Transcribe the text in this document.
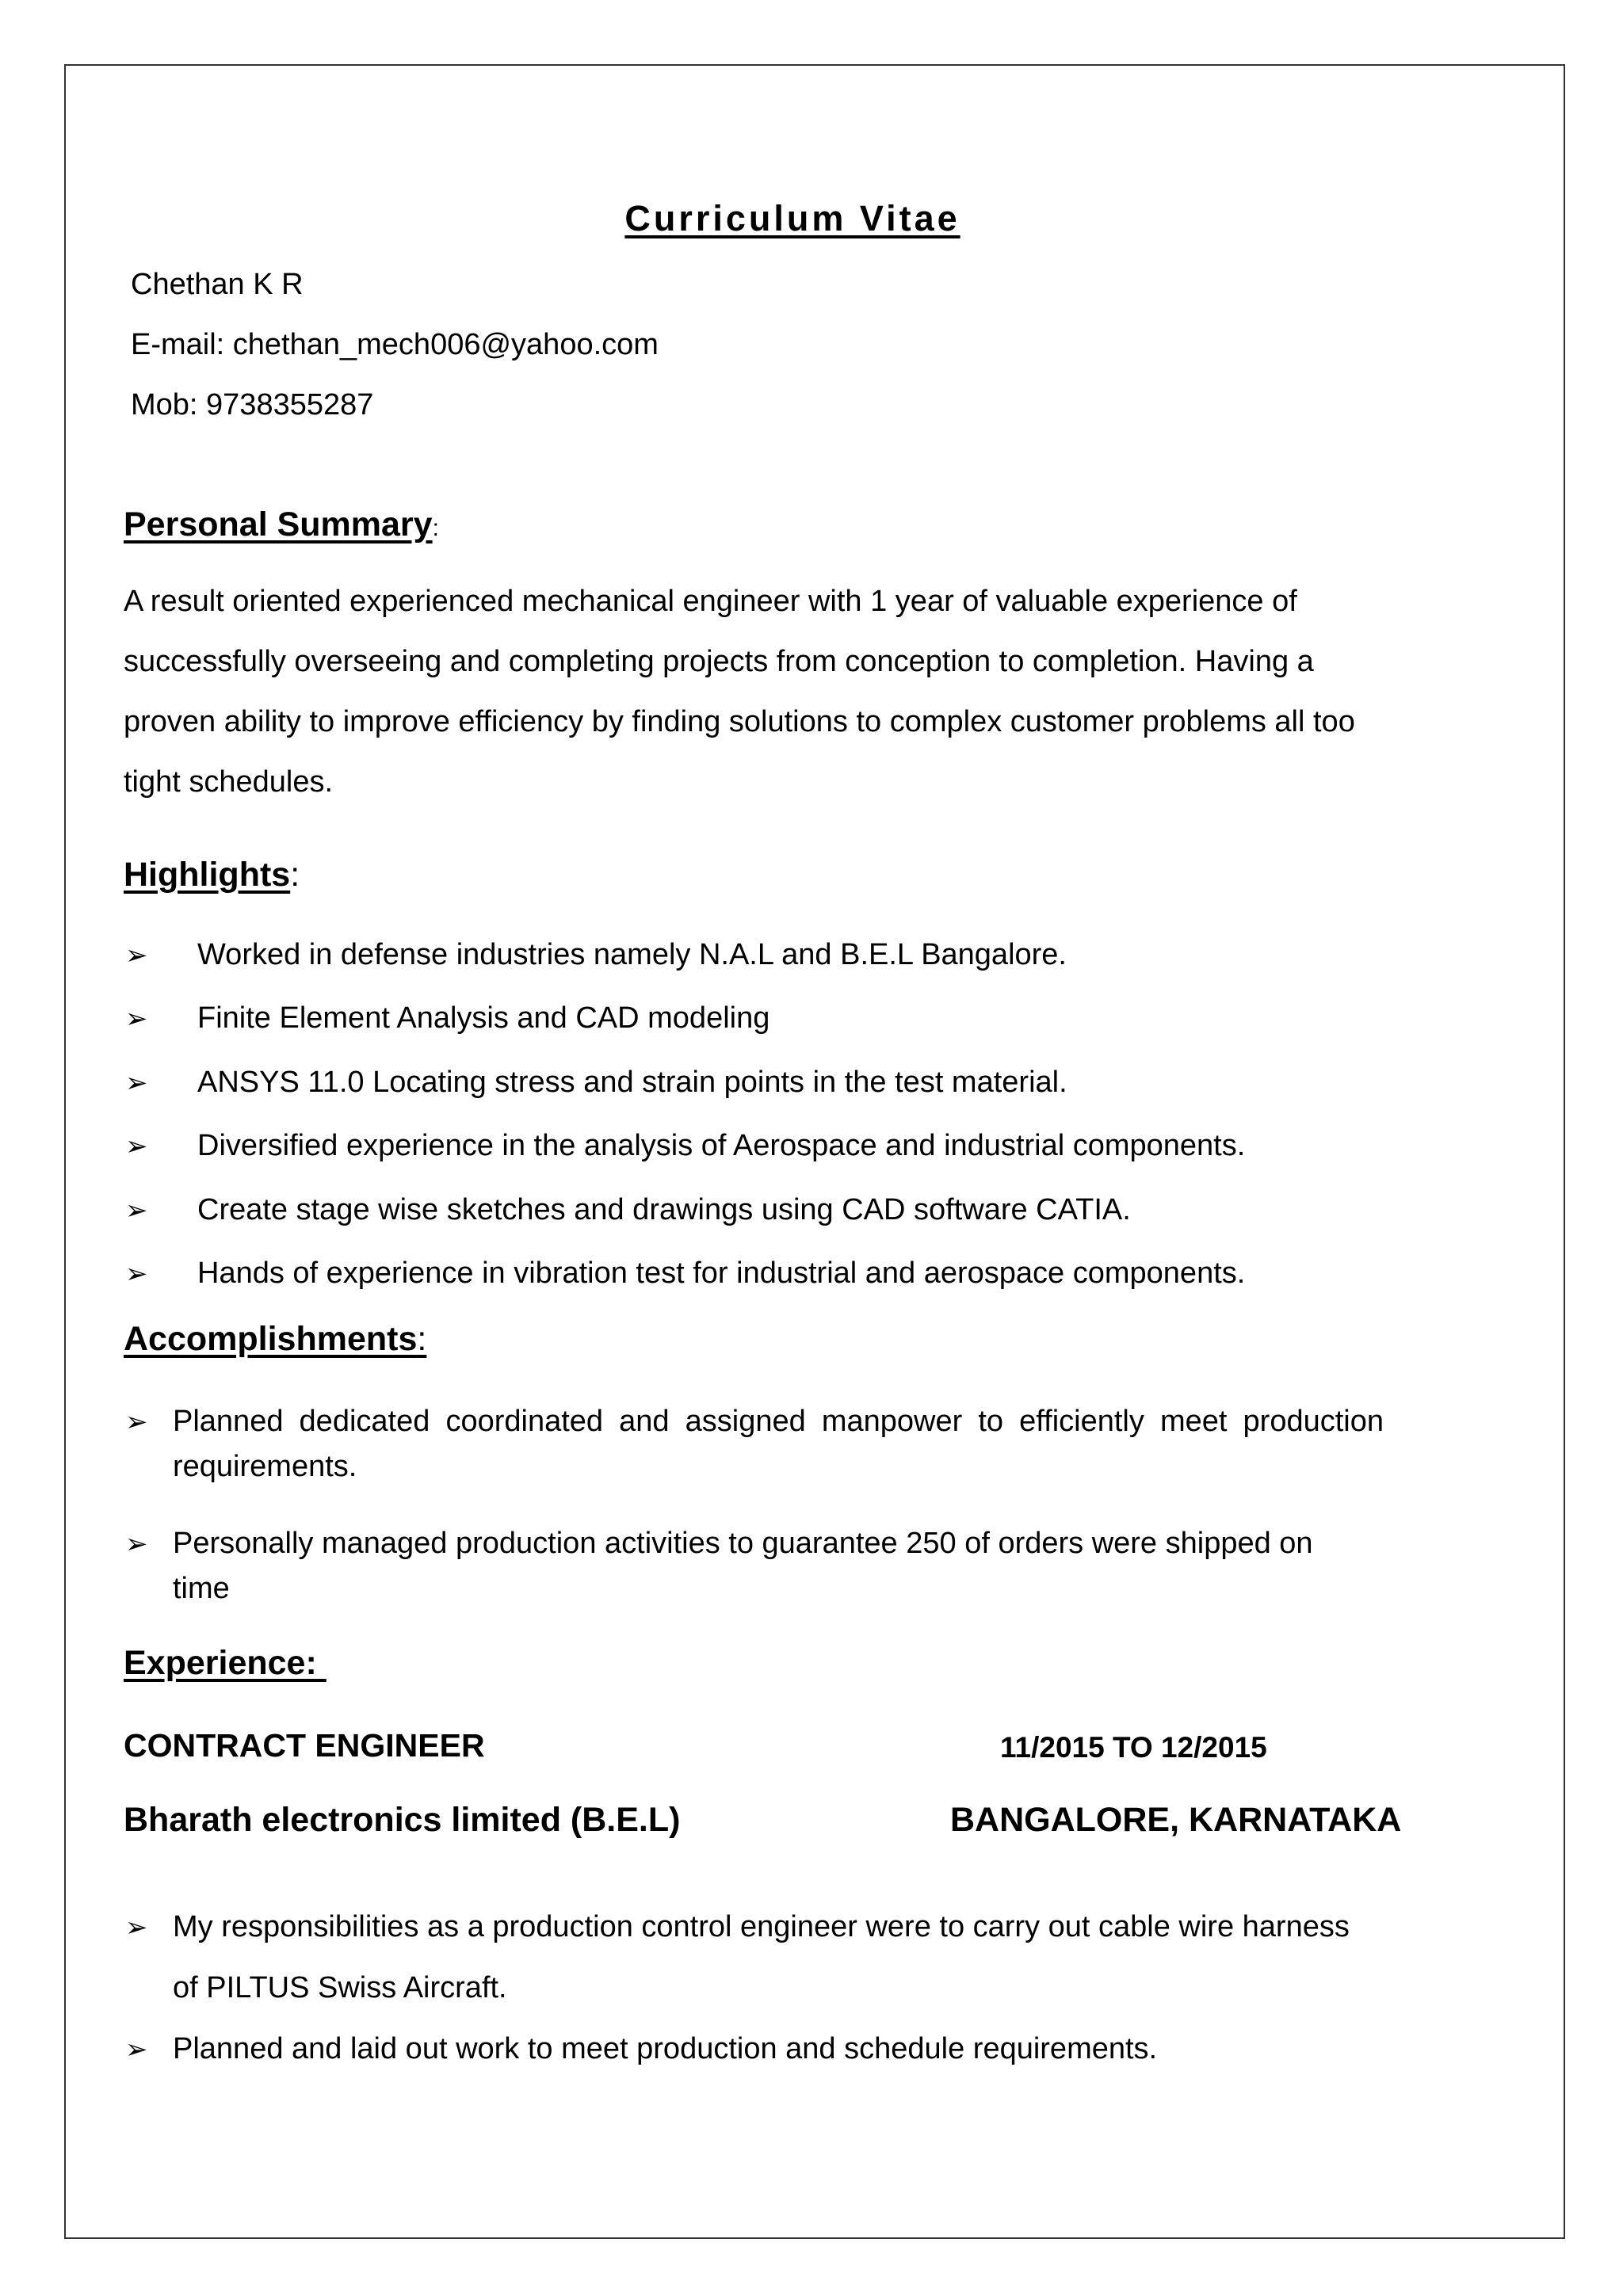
Curriculum Vitae
Chethan K R
E-mail: chethan_mech006@yahoo.com
Mob: 9738355287
Personal Summary:
A result oriented experienced mechanical engineer with 1 year of valuable experience of
successfully overseeing and completing projects from conception to completion. Having a
proven ability to improve efficiency by finding solutions to complex customer problems all too
tight schedules.
Highlights:
➢ Worked in defense industries namely N.A.L and B.E.L Bangalore.
➢ Finite Element Analysis and CAD modeling
➢ ANSYS 11.0 Locating stress and strain points in the test material.
➢ Diversified experience in the analysis of Aerospace and industrial components.
➢ Create stage wise sketches and drawings using CAD software CATIA.
➢ Hands of experience in vibration test for industrial and aerospace components.
Accomplishments:
➢ Planned dedicated coordinated and assigned manpower to efficiently meet production
requirements.
➢ Personally managed production activities to guarantee 250 of orders were shipped on
time
Experience:
CONTRACT ENGINEER	11/2015 TO 12/2015
Bharath electronics limited (B.E.L)	BANGALORE, KARNATAKA
➢ My responsibilities as a production control engineer were to carry out cable wire harness
of PILTUS Swiss Aircraft.
➢ Planned and laid out work to meet production and schedule requirements.
